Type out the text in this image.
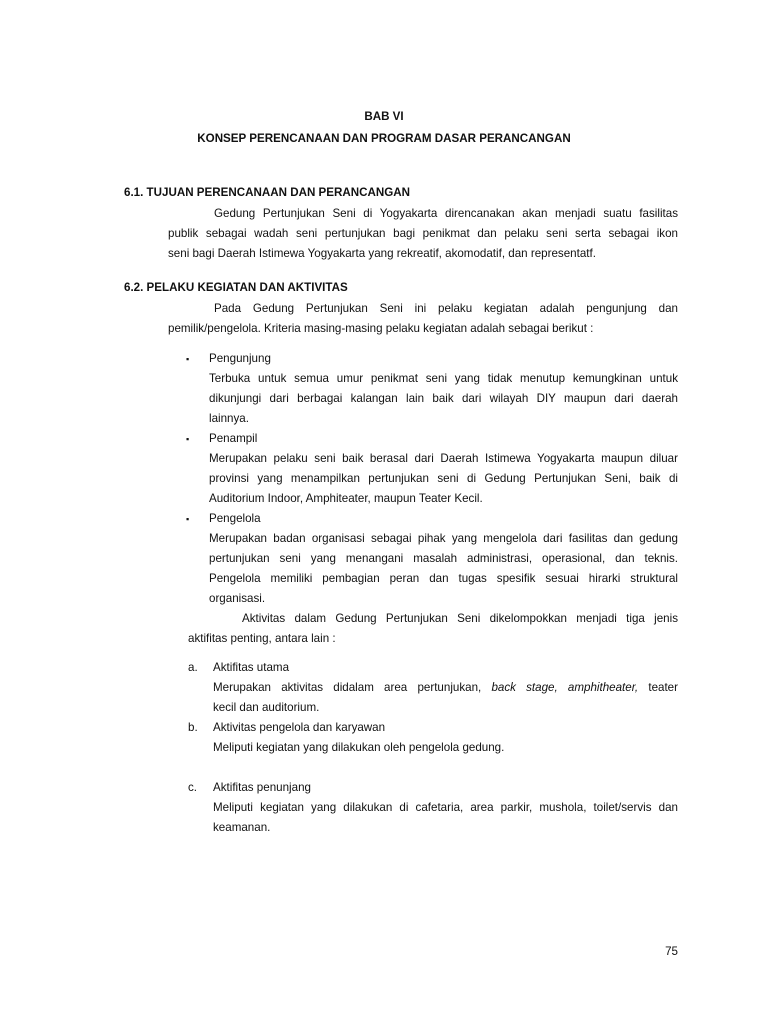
BAB VI
KONSEP PERENCANAAN DAN PROGRAM DASAR PERANCANGAN
6.1. TUJUAN PERENCANAAN DAN PERANCANGAN
Gedung Pertunjukan Seni di Yogyakarta direncanakan akan menjadi suatu fasilitas
publik sebagai wadah seni pertunjukan bagi penikmat dan pelaku seni serta sebagai ikon
seni bagi Daerah Istimewa Yogyakarta yang rekreatif, akomodatif, dan representatf.
6.2. PELAKU KEGIATAN DAN AKTIVITAS
Pada Gedung Pertunjukan Seni ini pelaku kegiatan adalah pengunjung dan
pemilik/pengelola. Kriteria masing-masing pelaku kegiatan adalah sebagai berikut :
▪ Pengunjung
Terbuka untuk semua umur penikmat seni yang tidak menutup kemungkinan untuk
dikunjungi dari berbagai kalangan lain baik dari wilayah DIY maupun dari daerah
lainnya.
▪ Penampil
Merupakan pelaku seni baik berasal dari Daerah Istimewa Yogyakarta maupun diluar
provinsi yang menampilkan pertunjukan seni di Gedung Pertunjukan Seni, baik di
Auditorium Indoor, Amphiteater, maupun Teater Kecil.
▪ Pengelola
Merupakan badan organisasi sebagai pihak yang mengelola dari fasilitas dan gedung
pertunjukan seni yang menangani masalah administrasi, operasional, dan teknis.
Pengelola memiliki pembagian peran dan tugas spesifik sesuai hirarki struktural
organisasi.
Aktivitas dalam Gedung Pertunjukan Seni dikelompokkan menjadi tiga jenis
aktifitas penting, antara lain :
a. Aktifitas utama
Merupakan aktivitas didalam area pertunjukan, back stage, amphitheater, teater
kecil dan auditorium.
b. Aktivitas pengelola dan karyawan
Meliputi kegiatan yang dilakukan oleh pengelola gedung.
c. Aktifitas penunjang
Meliputi kegiatan yang dilakukan di cafetaria, area parkir, mushola, toilet/servis dan
keamanan.
75
